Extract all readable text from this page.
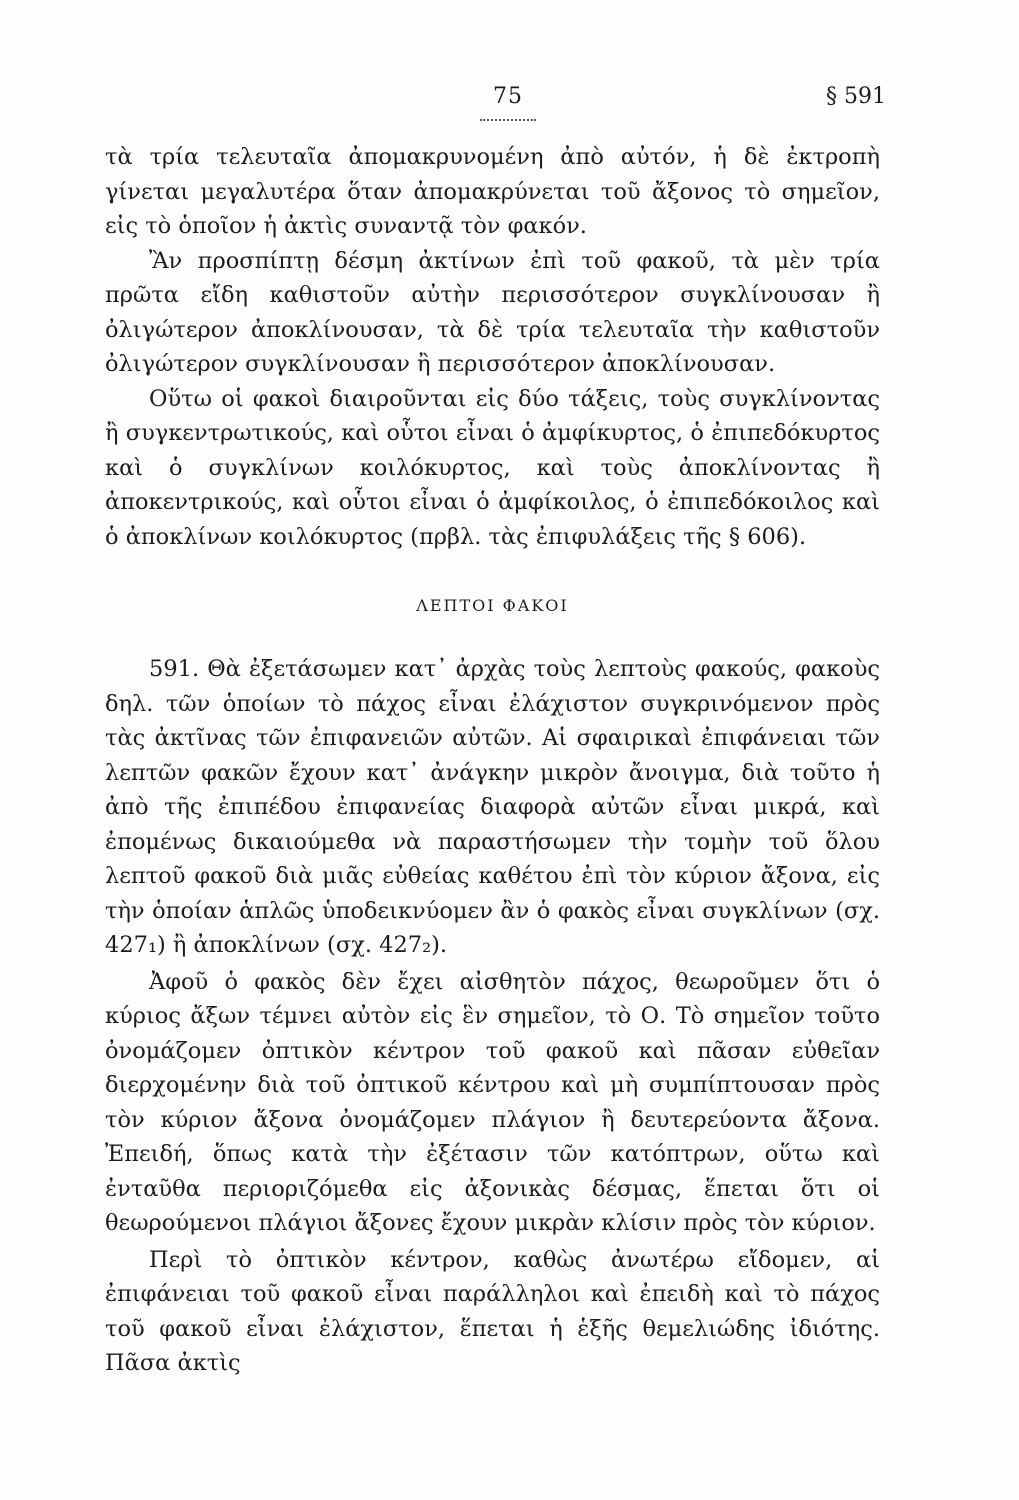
75	§ 591

τὰ τρία τελευταῖα ἀπομακρυνομένη ἀπὸ αὐτόν, ἡ δὲ ἐκτροπὴ γίνεται μεγαλυτέρα ὅταν ἀπομακρύνεται τοῦ ἄξονος τὸ σημεῖον, εἰς τὸ ὁποῖον ἡ ἀκτὶς συναντᾷ τὸν φακόν.

Ἂν προσπίπτῃ δέσμη ἀκτίνων ἐπὶ τοῦ φακοῦ, τὰ μὲν τρία πρῶτα εἴδη καθιστοῦν αὐτὴν περισσότερον συγκλίνουσαν ἢ ὀλιγώτερον ἀποκλίνουσαν, τὰ δὲ τρία τελευταῖα τὴν καθιστοῦν ὀλιγώτερον συγκλίνουσαν ἢ περισσότερον ἀποκλίνουσαν.

Οὕτω οἱ φακοὶ διαιροῦνται εἰς δύο τάξεις, τοὺς συγκλίνοντας ἢ συγκεντρωτικούς, καὶ οὗτοι εἶναι ὁ ἀμφίκυρτος, ὁ ἐπιπεδόκυρτος καὶ ὁ συγκλίνων κοιλόκυρτος, καὶ τοὺς ἀποκλίνοντας ἢ ἀποκεντρικούς, καὶ οὗτοι εἶναι ὁ ἀμφίκοιλος, ὁ ἐπιπεδόκοιλος καὶ ὁ ἀποκλίνων κοιλόκυρτος (πρβλ. τὰς ἐπιφυλάξεις τῆς § 606).

ΛΕΠΤΟΙ ΦΑΚΟΙ

591. Θὰ ἐξετάσωμεν κατ᾽ ἀρχὰς τοὺς λεπτοὺς φακούς, φακοὺς δηλ. τῶν ὁποίων τὸ πάχος εἶναι ἐλάχιστον συγκρινόμενον πρὸς τὰς ἀκτῖνας τῶν ἐπιφανειῶν αὐτῶν. Αἱ σφαιρικαὶ ἐπιφάνειαι τῶν λεπτῶν φακῶν ἔχουν κατ᾽ ἀνάγκην μικρὸν ἄνοιγμα, διὰ τοῦτο ἡ ἀπὸ τῆς ἐπιπέδου ἐπιφανείας διαφορὰ αὐτῶν εἶναι μικρά, καὶ ἐπομένως δικαιούμεθα νὰ παραστήσωμεν τὴν τομὴν τοῦ ὅλου λεπτοῦ φακοῦ διὰ μιᾶς εὐθείας καθέτου ἐπὶ τὸν κύριον ἄξονα, εἰς τὴν ὁποίαν ἁπλῶς ὑποδεικνύομεν ἂν ὁ φακὸς εἶναι συγκλίνων (σχ. 427₁) ἢ ἀποκλίνων (σχ. 427₂).

Ἀφοῦ ὁ φακὸς δὲν ἔχει αἰσθητὸν πάχος, θεωροῦμεν ὅτι ὁ κύριος ἄξων τέμνει αὐτὸν εἰς ἓν σημεῖον, τὸ Ο. Τὸ σημεῖον τοῦτο ὀνομάζομεν ὀπτικὸν κέντρον τοῦ φακοῦ καὶ πᾶσαν εὐθεῖαν διερχομένην διὰ τοῦ ὀπτικοῦ κέντρου καὶ μὴ συμπίπτουσαν πρὸς τὸν κύριον ἄξονα ὀνομάζομεν πλάγιον ἢ δευτερεύοντα ἄξονα. Ἐπειδή, ὅπως κατὰ τὴν ἐξέτασιν τῶν κατόπτρων, οὕτω καὶ ἐνταῦθα περιοριζόμεθα εἰς ἀξονικὰς δέσμας, ἕπεται ὅτι οἱ θεωρούμενοι πλάγιοι ἄξονες ἔχουν μικρὰν κλίσιν πρὸς τὸν κύριον.

Περὶ τὸ ὀπτικὸν κέντρον, καθὼς ἀνωτέρω εἴδομεν, αἱ ἐπιφάνειαι τοῦ φακοῦ εἶναι παράλληλοι καὶ ἐπειδὴ καὶ τὸ πάχος τοῦ φακοῦ εἶναι ἐλάχιστον, ἕπεται ἡ ἑξῆς θεμελιώδης ἰδιότης. Πᾶσα ἀκτὶς
